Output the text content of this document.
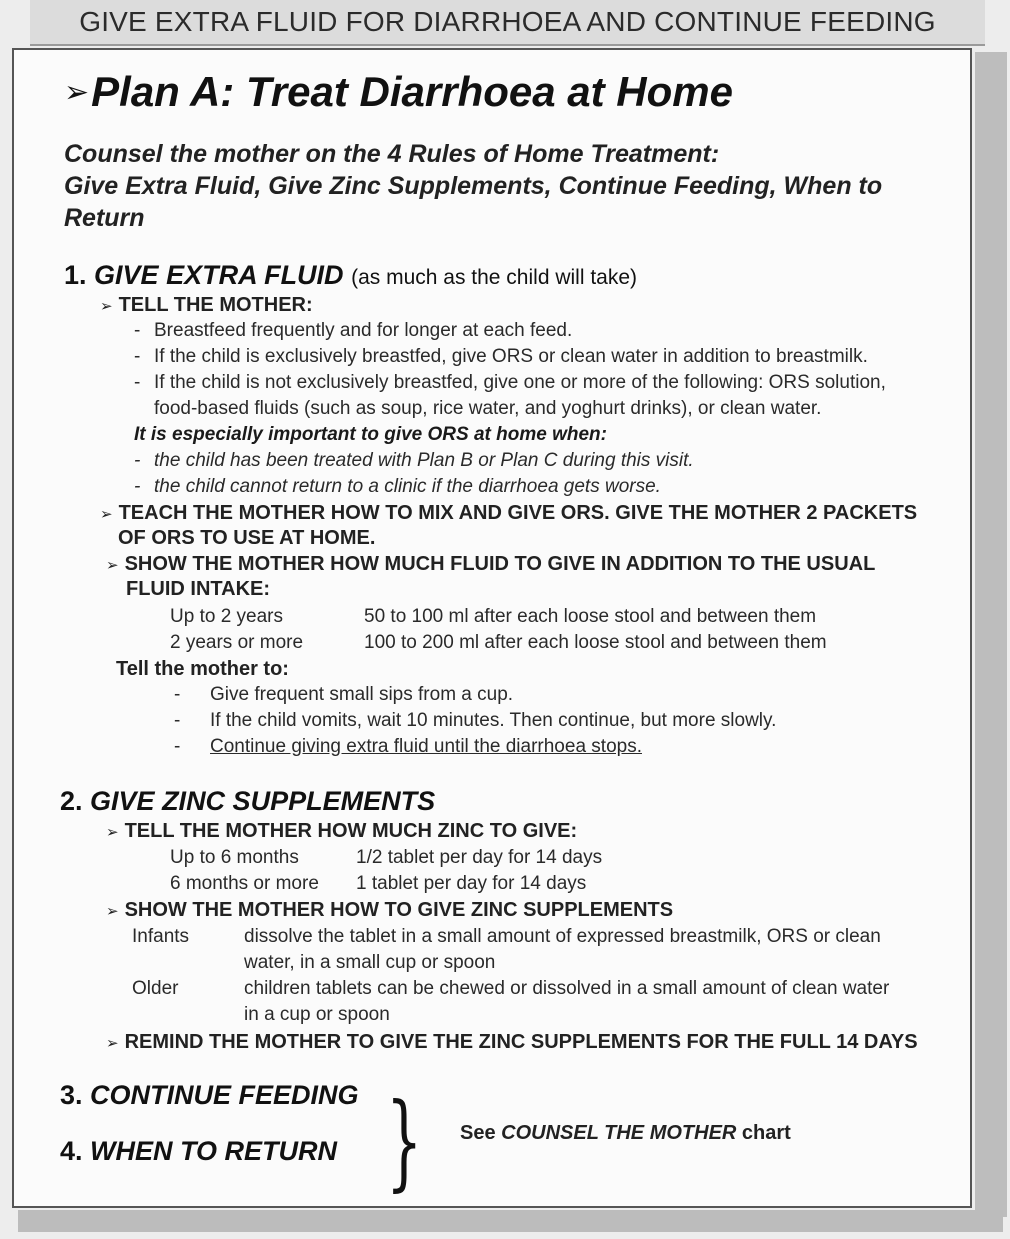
GIVE EXTRA FLUID FOR DIARRHOEA AND CONTINUE FEEDING
➢Plan A: Treat Diarrhoea at Home
Counsel the mother on the 4 Rules of Home Treatment:
Give Extra Fluid, Give Zinc Supplements, Continue Feeding, When to
Return
1. GIVE EXTRA FLUID (as much as the child will take)
➢ TELL THE MOTHER:
- Breastfeed frequently and for longer at each feed.
- If the child is exclusively breastfed, give ORS or clean water in addition to breastmilk.
- If the child is not exclusively breastfed, give one or more of the following: ORS solution,
food-based fluids (such as soup, rice water, and yoghurt drinks), or clean water.
It is especially important to give ORS at home when:
- the child has been treated with Plan B or Plan C during this visit.
- the child cannot return to a clinic if the diarrhoea gets worse.
➢ TEACH THE MOTHER HOW TO MIX AND GIVE ORS. GIVE THE MOTHER 2 PACKETS
OF ORS TO USE AT HOME.
➢ SHOW THE MOTHER HOW MUCH FLUID TO GIVE IN ADDITION TO THE USUAL
FLUID INTAKE:
Up to 2 years	50 to 100 ml after each loose stool and between them
2 years or more	100 to 200 ml after each loose stool and between them
Tell the mother to:
- Give frequent small sips from a cup.
- If the child vomits, wait 10 minutes. Then continue, but more slowly.
- Continue giving extra fluid until the diarrhoea stops.
2. GIVE ZINC SUPPLEMENTS
➢ TELL THE MOTHER HOW MUCH ZINC TO GIVE:
Up to 6 months	1/2 tablet per day for 14 days
6 months or more 1 tablet per day for 14 days
➢ SHOW THE MOTHER HOW TO GIVE ZINC SUPPLEMENTS
Infants	dissolve the tablet in a small amount of expressed breastmilk, ORS or clean
water, in a small cup or spoon
Older	children tablets can be chewed or dissolved in a small amount of clean water
in a cup or spoon
➢ REMIND THE MOTHER TO GIVE THE ZINC SUPPLEMENTS FOR THE FULL 14 DAYS
3. CONTINUE FEEDING
4. WHEN TO RETURN } See COUNSEL THE MOTHER chart
